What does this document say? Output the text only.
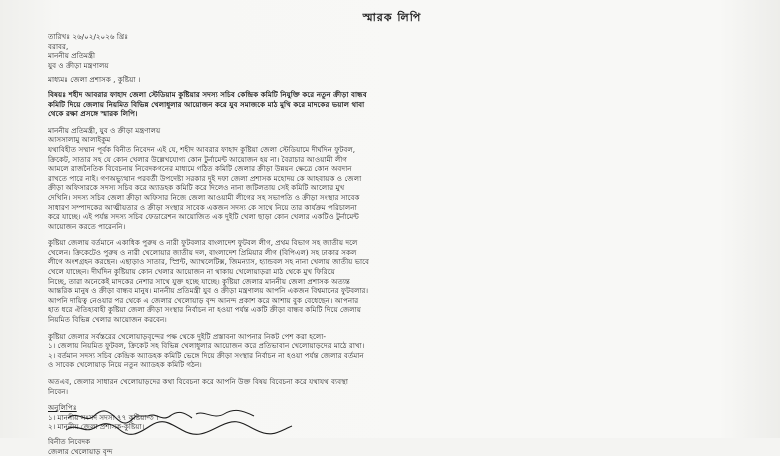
স্মারক লিপি
তারিখঃ ২৬/০২/২০২৬ খ্রিঃ
বরাবর,
মাননীয় প্রতিমন্ত্রী
যুব ও ক্রীড়া মন্ত্রণালয়
মাধ্যমঃ জেলা প্রশাসক , কুষ্টিয়া ।
বিষয়ঃ শহীদ আবরার ফাহাদ জেলা স্টেডিয়াম কুষ্টিয়ার সদস্য সচিব কেন্দ্রিক কমিটি নিযুক্তি করে নতুন ক্রীড়া বান্ধব
কমিটি দিয়ে জেলায় নিয়মিত বিভিন্ন খেলাধুলার আয়োজন করে যুব সমাজকে মাঠ মুখি করে মাদকের ভয়াল থাবা
থেকে রক্ষা প্রসঙ্গে স্মারক লিপি।
মাননীয় প্রতিমন্ত্রী, যুব ও ক্রীড়া মন্ত্রণালয়
আসসালামু আলাইকুম
যথাবিহীত সম্মান পূর্বক বিনীত নিবেদন এই যে, শহীদ আবরার ফাহাদ কুষ্টিয়া জেলা স্টেডিয়ামে দীর্ঘদিন ফুটবল,
ক্রিকেট, সাতার সহ যে কোন খেলার উল্লেখযোগ্য কোন টুর্নামেন্ট আয়োজন হয় না। বৈরাচার আওয়ামী লীগ
আমলে রাজনৈতিক বিবেচনায় নিবেদকগনের মাধ্যমে গঠিত কমিটি জেলার ক্রীড়া উন্নয়ন ক্ষেত্রে কোন অবদান
রাখতে পারে নাই। গণঅভ্যুত্থান পরবর্তী উপদেষ্টা সরকার দুই দফা জেলা প্রশাসক মহোদয় কে আহবায়ক ও জেলা
ক্রীড়া অফিসারকে সদস্য সচিব করে অ্যাডহক কমিটি করে দিলেও নানা জটিলতায় সেই কমিটি আলোর মুখ
দেখিনি। সদস্য সচিব জেলা ক্রীড়া অফিসার নিজে জেলা আওয়ামী লীগের সহ সভাপতি ও ক্রীড়া সংস্থার সাবেক
সাধারণ সম্পাদকের আত্মীয়তার ও ক্রীড়া সংস্থার সাবেক একজন সদস্য কে সাথে নিয়ে তার কার্যক্রম পরিচালনা
করে যাচ্ছে। এই পর্যন্ত সদস্য সচিব ফেডারেশন আয়োজিত এক দুইটি খেলা ছাড়া কোন খেলার একটিও টুর্নামেন্ট
আয়োজন করতে পারেননি।
কুষ্টিয়া জেলায় বর্তমানে একাধিক পুরুষ ও নারী ফুটবলার বাংলাদেশ ফুটবল লীগ, প্রথম বিভাগ সহ জাতীয় দলে
খেলেন। ক্রিকেটেও পুরুষ ও নারী খেলোয়ার জাতীয় দল, বাংলাদেশ প্রিমিয়ার লীগ (বিপিএল) সহ ঢাকার সকল
লীগে অংশগ্রহন করছেন। এছাড়াও সাতার, স্প্রিন্ট, অ্যাথলেটিক্স, জিমন্যাস, হ্যান্ডবল সহ নানা খেলায় জাতীয় ভাবে
খেলে যাচ্ছেন। দীর্ঘদিন কুষ্টিয়ায় কোন খেলার আয়োজন না থাকায় খেলোয়াড়রা মাঠ থেকে মুখ ফিরিয়ে
নিচ্ছে, তারা অনেকেই মাদকের নেশার সাথে যুক্ত হচ্ছে যাচ্ছে। কুষ্টিয়া জেলার মাননীয় জেলা প্রশাসক অত্যন্ত
আন্তরিক মানুষ ও ক্রীড়া বান্ধব মানুষ। মাননীয় প্রতিমন্ত্রী যুব ও ক্রীড়া মন্ত্রণালয় আপনি একজন বিশ্বমানের ফুটবলার।
আপনি দায়িত্ব নেওয়ার পর থেকে এ জেলার খেলোয়াড় বৃন্দ আনন্দ প্রকাশ করে আশায় বুক বেধেছেন। আপনার
হাত ধরে ঐতিহ্যবাহী কুষ্টিয়া জেলা ক্রীড়া সংস্থার নির্বাচন না হওয়া পর্যন্ত একটি ক্রীড়া বান্ধব কমিটি দিয়ে জেলায়
নিয়মিত বিভিন্ন খেলার আয়োজন করবেন।
কুষ্টিয়া জেলার সর্বস্তরের খেলোয়াড়বৃন্দের পক্ষ থেকে দুইটি প্রস্তাবনা আপনার নিকট পেশ করা হলো-
১। জেলায় নিয়মিত ফুটবল, ক্রিকেট সহ বিভিন্ন খেলাধুলার আয়োজন করে প্রতিভাবান খেলোয়াড়দের মাঠে রাখা।
২। বর্তমান সদস্য সচিব কেন্দ্রিক অ্যাডহক কমিটি ভেঙ্গে দিয়ে ক্রীড়া সংস্থার নির্বাচন না হওয়া পর্যন্ত জেলার বর্তমান
ও সাবেক খেলোয়াড় নিয়ে নতুন অ্যাডহক কমিটি গঠন।
অতএব, জেলার সাধারন খেলোয়াড়দের কথা বিবেচনা করে আপনি উক্ত বিষয় বিবেচনা করে যথাযথ ব্যবস্থা
নিবেন।
অনুলিপিঃ
১। মাননীয় সংসদ সদস্য ৭৭ কুষ্টিয়া-৩ ।
২। মাননীয় জেলা প্রশাসক-কুষ্টিয়া।
বিনীত নিবেদক
জেলার খেলোয়াড় বৃন্দ
